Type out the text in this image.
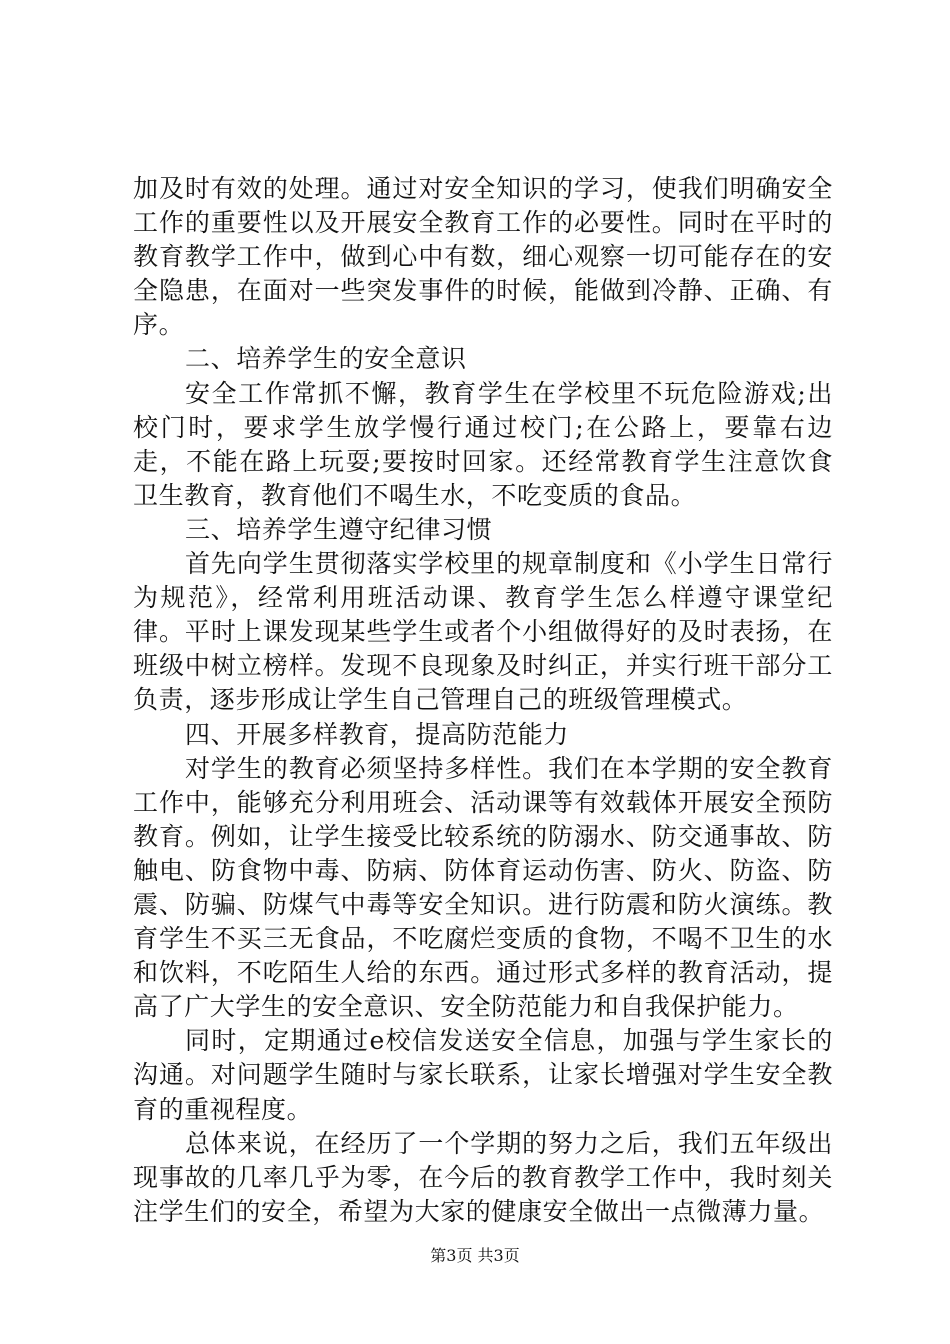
加及时有效的处理。通过对安全知识的学习，使我们明确安全工作的重要性以及开展安全教育工作的必要性。同时在平时的教育教学工作中，做到心中有数，细心观察一切可能存在的安全隐患，在面对一些突发事件的时候，能做到冷静、正确、有序。

二、培养学生的安全意识

安全工作常抓不懈，教育学生在学校里不玩危险游戏;出校门时，要求学生放学慢行通过校门;在公路上，要靠右边走，不能在路上玩耍;要按时回家。还经常教育学生注意饮食卫生教育，教育他们不喝生水，不吃变质的食品。

三、培养学生遵守纪律习惯

首先向学生贯彻落实学校里的规章制度和《小学生日常行为规范》，经常利用班活动课、教育学生怎么样遵守课堂纪律。平时上课发现某些学生或者个小组做得好的及时表扬，在班级中树立榜样。发现不良现象及时纠正，并实行班干部分工负责，逐步形成让学生自己管理自己的班级管理模式。

四、开展多样教育，提高防范能力

对学生的教育必须坚持多样性。我们在本学期的安全教育工作中，能够充分利用班会、活动课等有效载体开展安全预防教育。例如，让学生接受比较系统的防溺水、防交通事故、防触电、防食物中毒、防病、防体育运动伤害、防火、防盗、防震、防骗、防煤气中毒等安全知识。进行防震和防火演练。教育学生不买三无食品，不吃腐烂变质的食物，不喝不卫生的水和饮料，不吃陌生人给的东西。通过形式多样的教育活动，提高了广大学生的安全意识、安全防范能力和自我保护能力。

同时，定期通过e校信发送安全信息，加强与学生家长的沟通。对问题学生随时与家长联系，让家长增强对学生安全教育的重视程度。

总体来说，在经历了一个学期的努力之后，我们五年级出现事故的几率几乎为零，在今后的教育教学工作中，我时刻关注学生们的安全，希望为大家的健康安全做出一点微薄力量。

第3页 共3页
